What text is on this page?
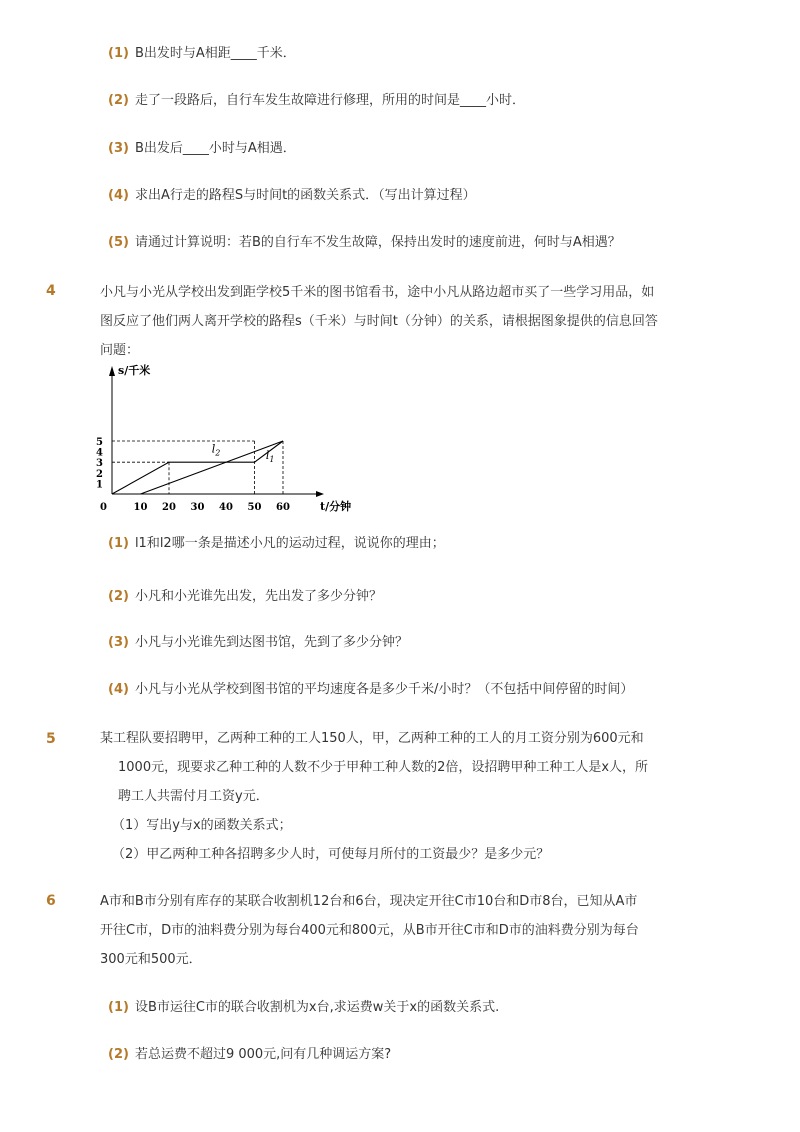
(1) B出发时与A相距____千米．
(2) 走了一段路后，自行车发生故障进行修理，所用的时间是____小时．
(3) B出发后____小时与A相遇．
(4) 求出A行走的路程S与时间t的函数关系式．（写出计算过程）
(5) 请通过计算说明：若B的自行车不发生故障，保持出发时的速度前进，何时与A相遇？
4	小凡与小光从学校出发到距学校5千米的图书馆看书，途中小凡从路边超市买了一些学习用品，如图反应了他们两人离开学校的路程s（千米）与时间t（分钟）的关系，请根据图象提供的信息回答问题：
s/千米
t/分钟
0	10 20 30 40 50 60
1
2
3
4
5
$l_2$	$l_1$
(1) l1和l2哪一条是描述小凡的运动过程，说说你的理由；
(2) 小凡和小光谁先出发，先出发了多少分钟？
(3) 小凡与小光谁先到达图书馆，先到了多少分钟？
(4) 小凡与小光从学校到图书馆的平均速度各是多少千米/小时？（不包括中间停留的时间）
5	某工程队要招聘甲，乙两种工种的工人150人，甲，乙两种工种的工人的月工资分别为600元和
1000元，现要求乙种工种的人数不少于甲种工种人数的2倍，设招聘甲种工种工人是x人，所
聘工人共需付月工资y元．
（1）写出y与x的函数关系式；
（2）甲乙两种工种各招聘多少人时，可使每月所付的工资最少？是多少元？
6	A市和B市分别有库存的某联合收割机12台和6台，现决定开往C市10台和D市8台，已知从A市开往C市，D市的油料费分别为每台400元和800元，从B市开往C市和D市的油料费分别为每台300元和500元．
(1) 设B市运往C市的联合收割机为x台,求运费w关于x的函数关系式.
(2) 若总运费不超过9 000元,问有几种调运方案?
